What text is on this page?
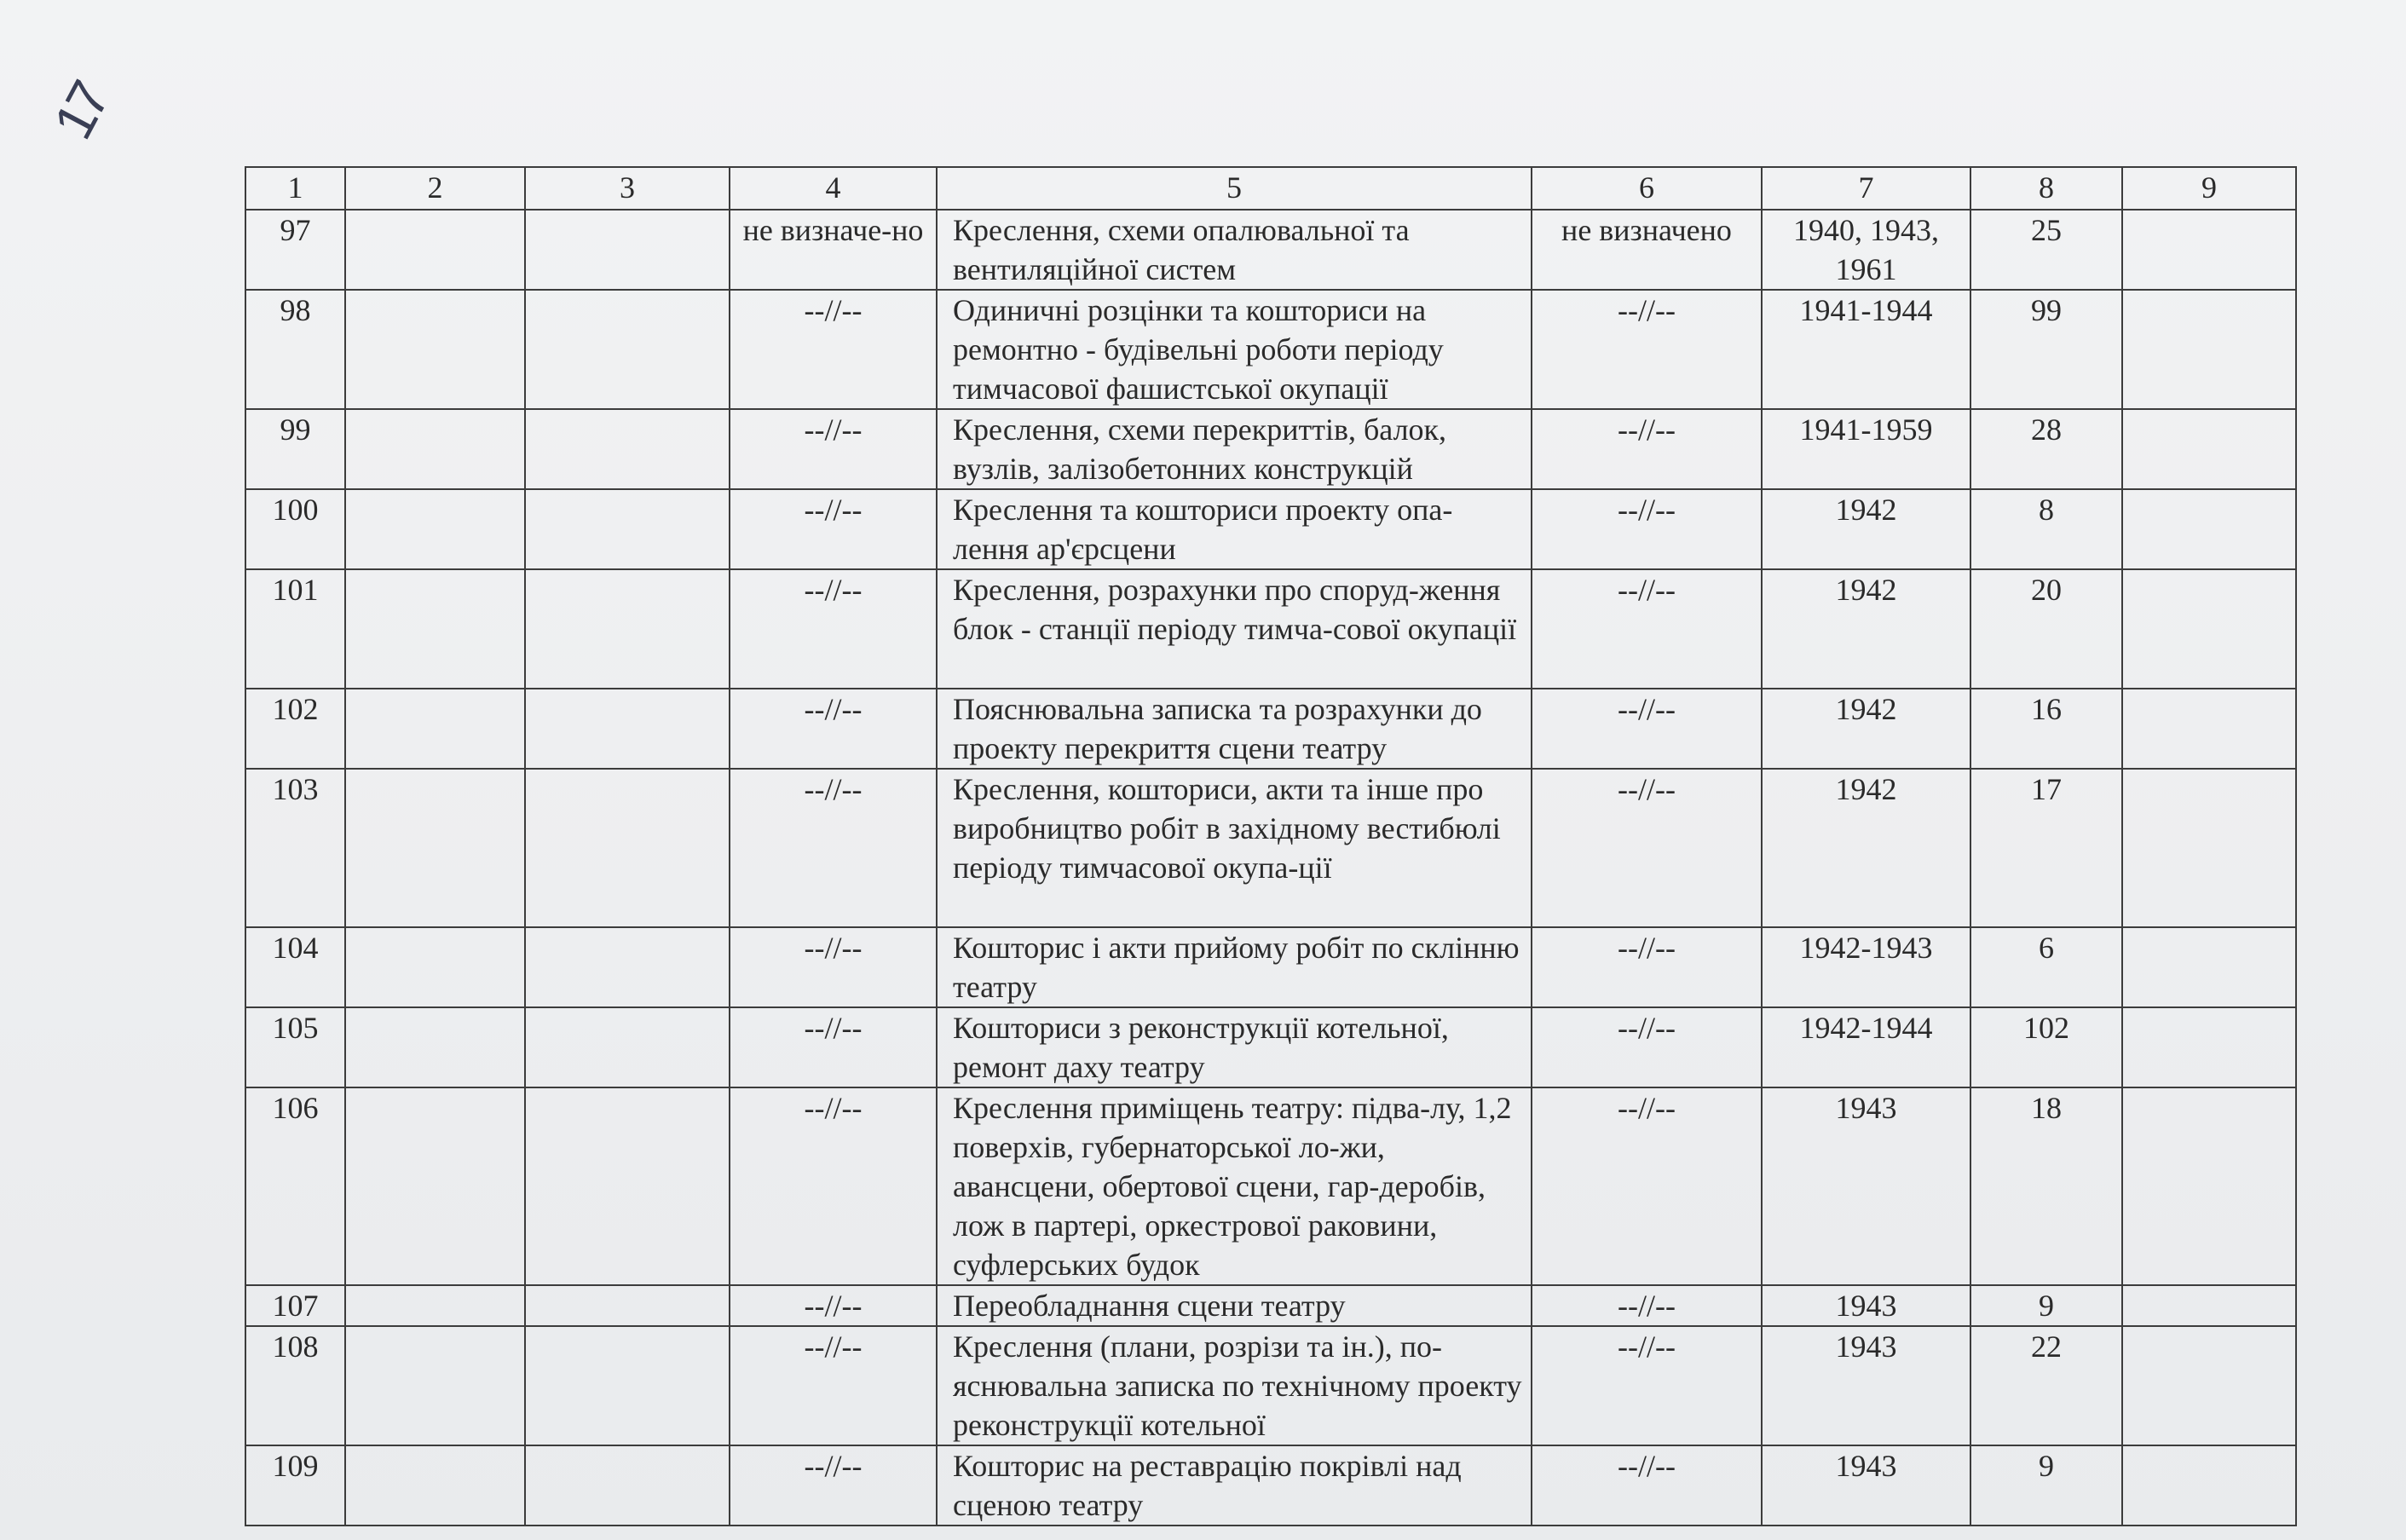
17
1	2	3	4	5	6	7	8	9
97			не визначе-но	Креслення, схеми опалювальної та вентиляційної систем	не визначено	1940, 1943, 1961	25	
98			--//--	Одиничні розцінки та кошториси на ремонтно - будівельні роботи періоду тимчасової фашистської окупації	--//--	1941-1944	99	
99			--//--	Креслення, схеми перекриттів, балок, вузлів, залізобетонних конструкцій	--//--	1941-1959	28	
100			--//--	Креслення та кошториси проекту опа-лення ар'єрсцени	--//--	1942	8	
101			--//--	Креслення, розрахунки про споруд-ження блок - станції періоду тимча-сової окупації	--//--	1942	20	
102			--//--	Пояснювальна записка та розрахунки до проекту перекриття сцени театру	--//--	1942	16	
103			--//--	Креслення, кошториси, акти та інше про виробництво робіт в західному вестибюлі періоду тимчасової окупа-ції	--//--	1942	17	
104			--//--	Кошторис і акти прийому робіт по склінню театру	--//--	1942-1943	6	
105			--//--	Кошториси з реконструкції котельної, ремонт даху театру	--//--	1942-1944	102	
106			--//--	Креслення приміщень театру: підва-лу, 1,2 поверхів, губернаторської ло-жи, авансцени, обертової сцени, гар-деробів, лож в партері, оркестрової раковини, суфлерських будок	--//--	1943	18	
107			--//--	Переобладнання сцени театру	--//--	1943	9	
108			--//--	Креслення (плани, розрізи та ін.), по-яснювальна записка по технічному проекту реконструкції котельної	--//--	1943	22	
109			--//--	Кошторис на реставрацію покрівлі над сценою театру	--//--	1943	9	
